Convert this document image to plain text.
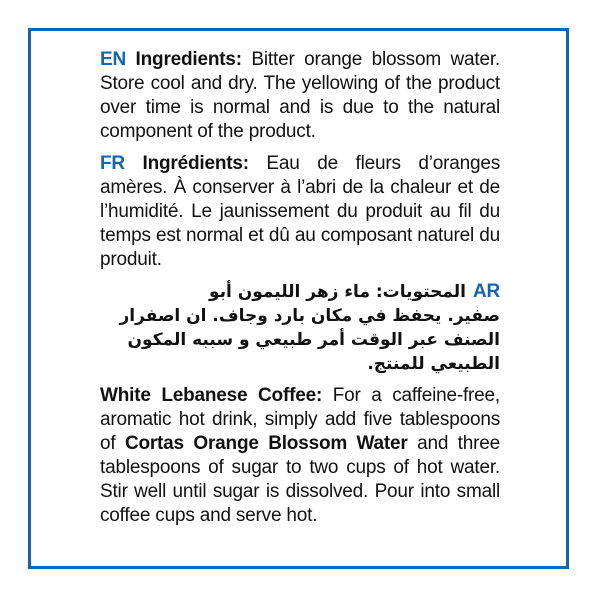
EN Ingredients: Bitter orange blossom water. Store cool and dry. The yellowing of the product over time is normal and is due to the natural component of the product.

FR Ingrédients: Eau de fleurs d’oranges amères. À conserver à l’abri de la chaleur et de l’humidité. Le jaunissement du produit au fil du temps est normal et dû au composant naturel du produit.

AR
المحتويات: ماء زهر الليمون أبو
صفير. يحفظ في مكان بارد وجاف. ان اصفرار الصنف عبر الوقت أمر طبيعي و سببه المكون الطبيعي للمنتج.

White Lebanese Coffee: For a caffeine-free, aromatic hot drink, simply add five tablespoons of Cortas Orange Blossom Water and three tablespoons of sugar to two cups of hot water. Stir well until sugar is dissolved. Pour into small coffee cups and serve hot.
